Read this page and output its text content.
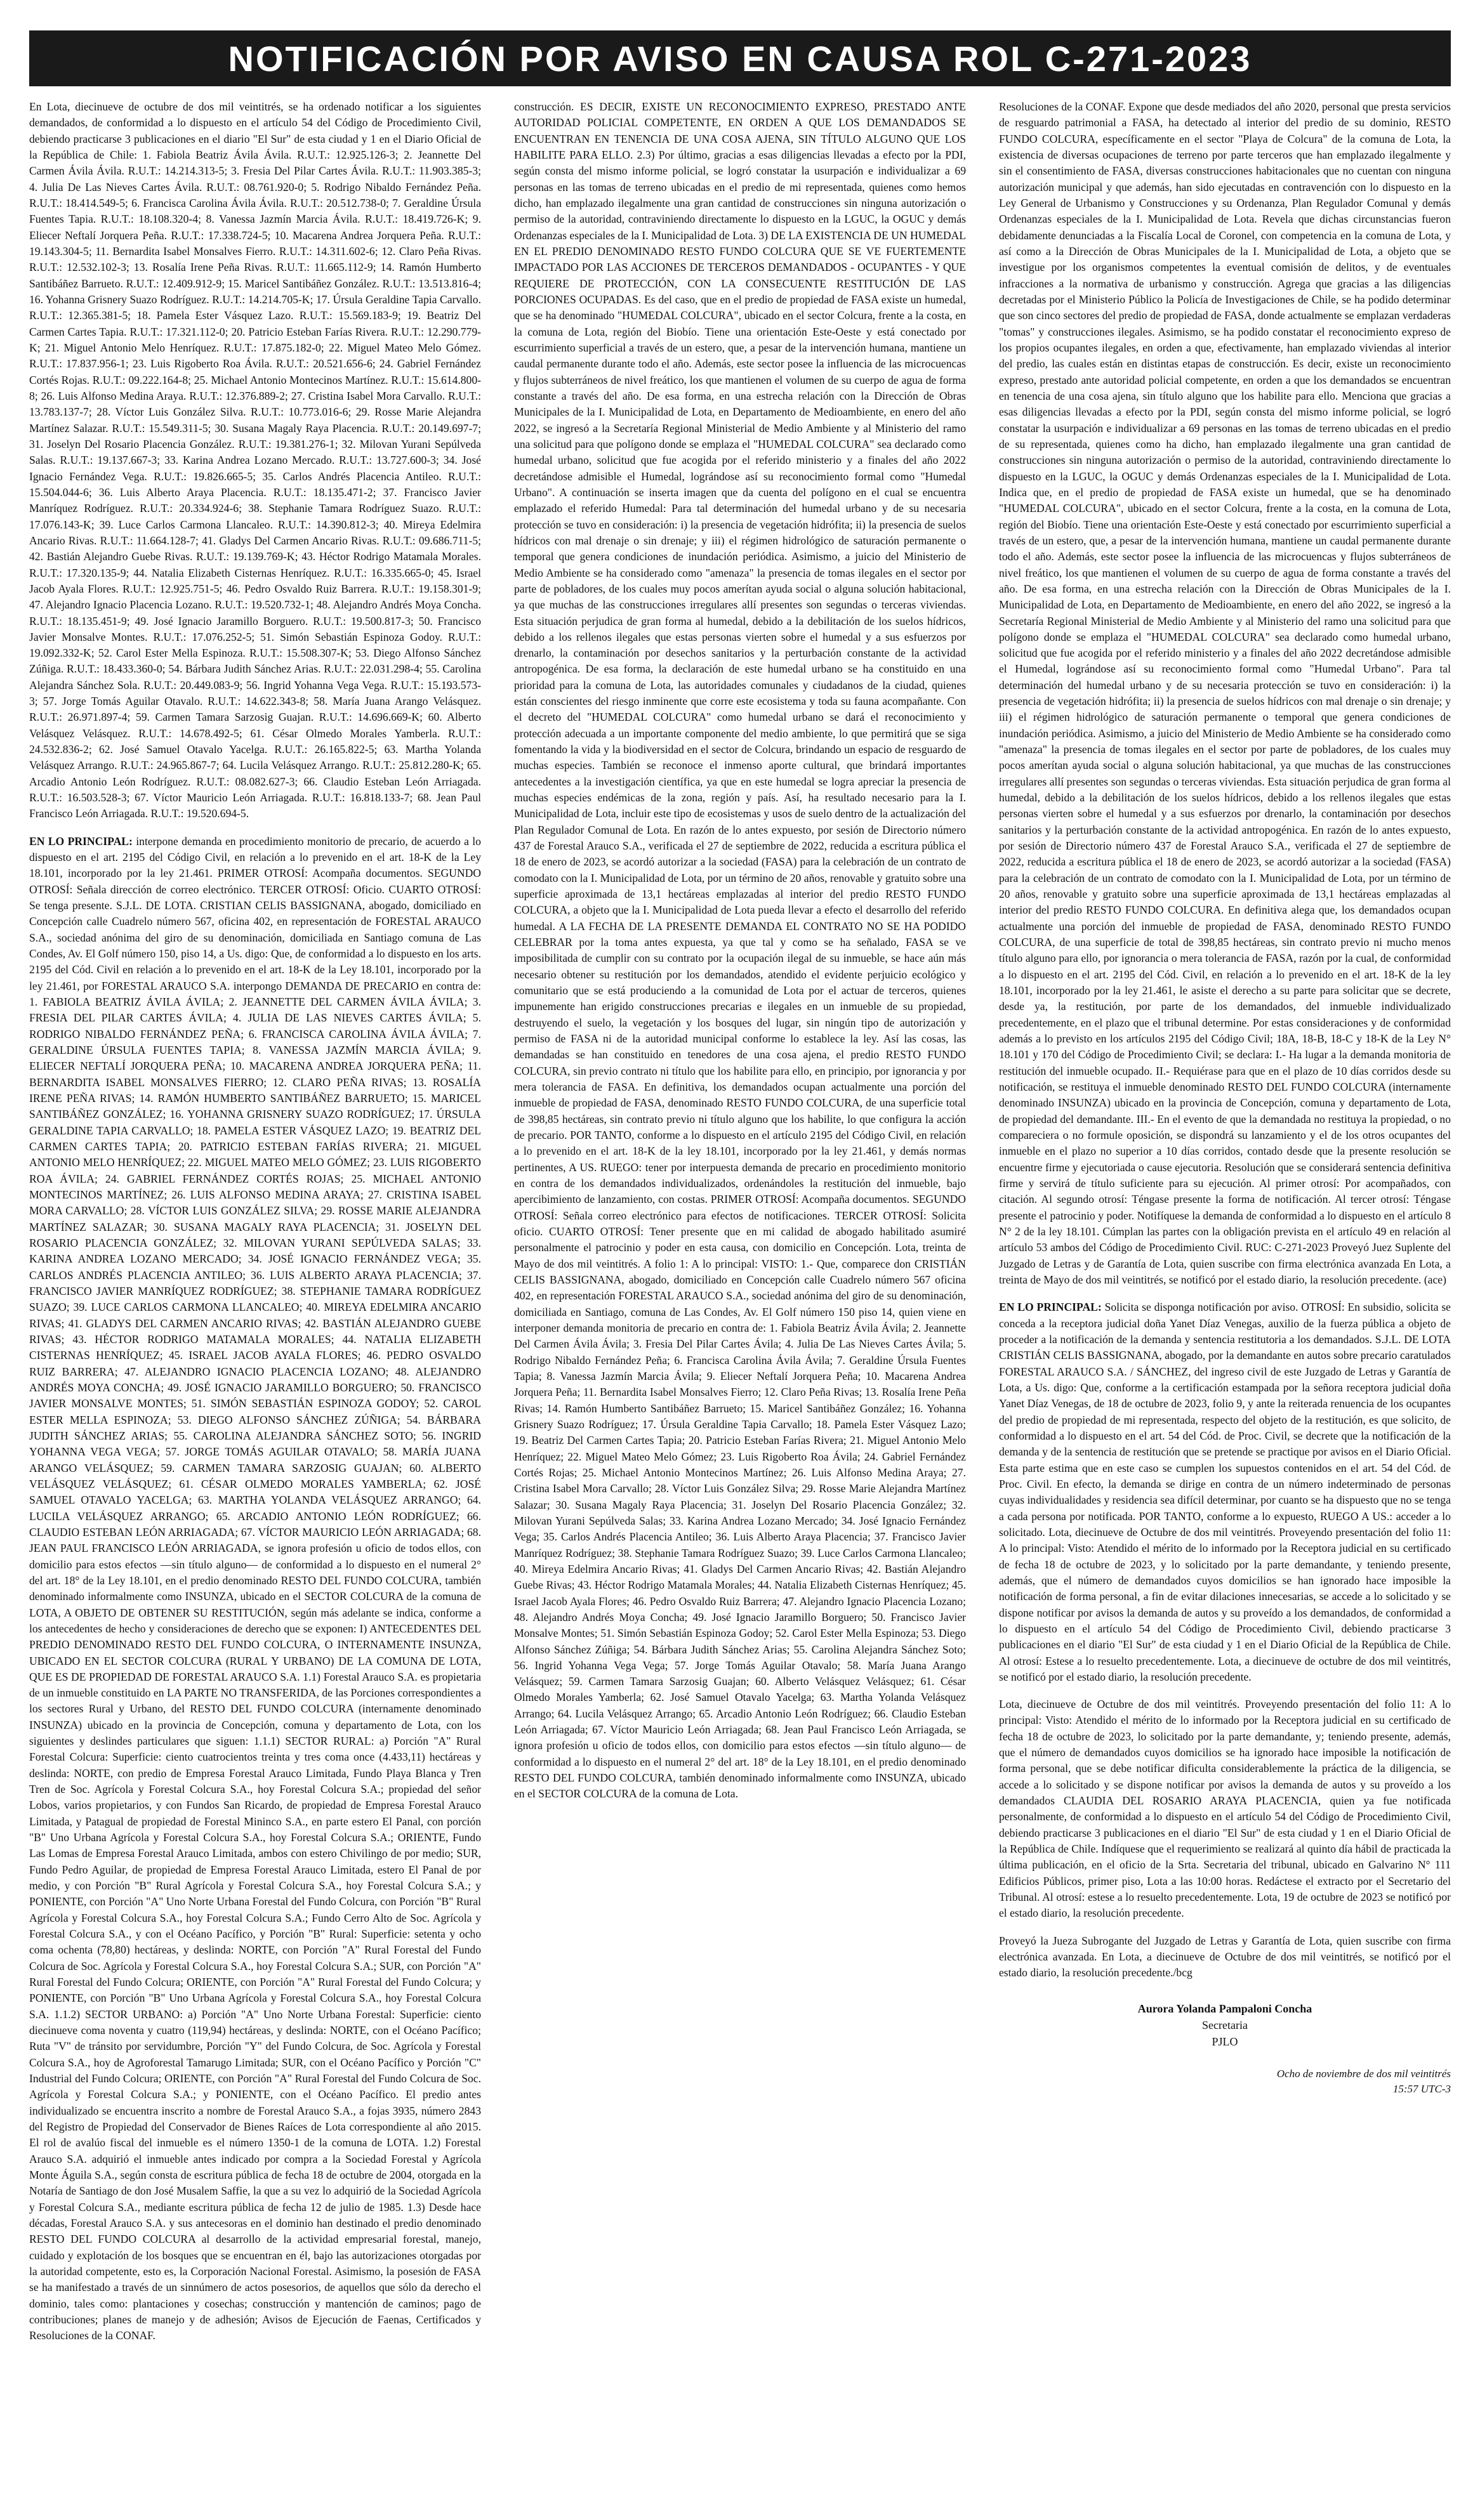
NOTIFICACIÓN POR AVISO EN CAUSA ROL C-271-2023

En Lota, diecinueve de octubre de dos mil veintitrés, se ha ordenado notificar a los siguientes demandados, de conformidad a lo dispuesto en el artículo 54 del Código de Procedimiento Civil, debiendo practicarse 3 publicaciones en el diario "El Sur" de esta ciudad y 1 en el Diario Oficial de la República de Chile: 1. Fabiola Beatriz Ávila Ávila. R.U.T.: 12.925.126-3; 2. Jeannette Del Carmen Ávila Ávila. R.U.T.: 14.214.313-5; 3. Fresia Del Pilar Cartes Ávila. R.U.T.: 11.903.385-3; 4. Julia De Las Nieves Cartes Ávila. R.U.T.: 08.761.920-0; 5. Rodrigo Nibaldo Fernández Peña. R.U.T.: 18.414.549-5; 6. Francisca Carolina Ávila Ávila. R.U.T.: 20.512.738-0; 7. Geraldine Úrsula Fuentes Tapia. R.U.T.: 18.108.320-4; 8. Vanessa Jazmín Marcia Ávila. R.U.T.: 18.419.726-K; 9. Eliecer Neftalí Jorquera Peña. R.U.T.: 17.338.724-5; 10. Macarena Andrea Jorquera Peña. R.U.T.: 19.143.304-5; 11. Bernardita Isabel Monsalves Fierro. R.U.T.: 14.311.602-6; 12. Claro Peña Rivas. R.U.T.: 12.532.102-3; 13. Rosalía Irene Peña Rivas. R.U.T.: 11.665.112-9; 14. Ramón Humberto Santibáñez Barrueto. R.U.T.: 12.409.912-9; 15. Maricel Santibáñez González. R.U.T.: 13.513.816-4; 16. Yohanna Grisnery Suazo Rodríguez. R.U.T.: 14.214.705-K; 17. Úrsula Geraldine Tapia Carvallo. R.U.T.: 12.365.381-5; 18. Pamela Ester Vásquez Lazo. R.U.T.: 15.569.183-9; 19. Beatriz Del Carmen Cartes Tapia. R.U.T.: 17.321.112-0; 20. Patricio Esteban Farías Rivera. R.U.T.: 12.290.779-K; 21. Miguel Antonio Melo Henríquez. R.U.T.: 17.875.182-0; 22. Miguel Mateo Melo Gómez. R.U.T.: 17.837.956-1; 23. Luis Rigoberto Roa Ávila. R.U.T.: 20.521.656-6; 24. Gabriel Fernández Cortés Rojas. R.U.T.: 09.222.164-8; 25. Michael Antonio Montecinos Martínez. R.U.T.: 15.614.800-8; 26. Luis Alfonso Medina Araya. R.U.T.: 12.376.889-2; 27. Cristina Isabel Mora Carvallo. R.U.T.: 13.783.137-7; 28. Víctor Luis González Silva. R.U.T.: 10.773.016-6; 29. Rosse Marie Alejandra Martínez Salazar. R.U.T.: 15.549.311-5; 30. Susana Magaly Raya Placencia. R.U.T.: 20.149.697-7; 31. Joselyn Del Rosario Placencia González. R.U.T.: 19.381.276-1; 32. Milovan Yurani Sepúlveda Salas. R.U.T.: 19.137.667-3; 33. Karina Andrea Lozano Mercado. R.U.T.: 13.727.600-3; 34. José Ignacio Fernández Vega. R.U.T.: 19.826.665-5; 35. Carlos Andrés Placencia Antileo. R.U.T.: 15.504.044-6; 36. Luis Alberto Araya Placencia. R.U.T.: 18.135.471-2; 37. Francisco Javier Manríquez Rodríguez. R.U.T.: 20.334.924-6; 38. Stephanie Tamara Rodríguez Suazo. R.U.T.: 17.076.143-K; 39. Luce Carlos Carmona Llancaleo. R.U.T.: 14.390.812-3; 40. Mireya Edelmira Ancario Rivas. R.U.T.: 11.664.128-7; 41. Gladys Del Carmen Ancario Rivas. R.U.T.: 09.686.711-5; 42. Bastián Alejandro Guebe Rivas. R.U.T.: 19.139.769-K; 43. Héctor Rodrigo Matamala Morales. R.U.T.: 17.320.135-9; 44. Natalia Elizabeth Cisternas Henríquez. R.U.T.: 16.335.665-0; 45. Israel Jacob Ayala Flores. R.U.T.: 12.925.751-5; 46. Pedro Osvaldo Ruiz Barrera. R.U.T.: 19.158.301-9; 47. Alejandro Ignacio Placencia Lozano. R.U.T.: 19.520.732-1; 48. Alejandro Andrés Moya Concha. R.U.T.: 18.135.451-9; 49. José Ignacio Jaramillo Borguero. R.U.T.: 19.500.817-3; 50. Francisco Javier Monsalve Montes. R.U.T.: 17.076.252-5; 51. Simón Sebastián Espinoza Godoy. R.U.T.: 19.092.332-K; 52. Carol Ester Mella Espinoza. R.U.T.: 15.508.307-K; 53. Diego Alfonso Sánchez Zúñiga. R.U.T.: 18.433.360-0; 54. Bárbara Judith Sánchez Arias. R.U.T.: 22.031.298-4; 55. Carolina Alejandra Sánchez Sola. R.U.T.: 20.449.083-9; 56. Ingrid Yohanna Vega Vega. R.U.T.: 15.193.573-3; 57. Jorge Tomás Aguilar Otavalo. R.U.T.: 14.622.343-8; 58. María Juana Arango Velásquez. R.U.T.: 26.971.897-4; 59. Carmen Tamara Sarzosig Guajan. R.U.T.: 14.696.669-K; 60. Alberto Velásquez Velásquez. R.U.T.: 14.678.492-5; 61. César Olmedo Morales Yamberla. R.U.T.: 24.532.836-2; 62. José Samuel Otavalo Yacelga. R.U.T.: 26.165.822-5; 63. Martha Yolanda Velásquez Arrango. R.U.T.: 24.965.867-7; 64. Lucila Velásquez Arrango. R.U.T.: 25.812.280-K; 65. Arcadio Antonio León Rodríguez. R.U.T.: 08.082.627-3; 66. Claudio Esteban León Arriagada. R.U.T.: 16.503.528-3; 67. Víctor Mauricio León Arriagada. R.U.T.: 16.818.133-7; 68. Jean Paul Francisco León Arriagada. R.U.T.: 19.520.694-5.

EN LO PRINCIPAL: interpone demanda en procedimiento monitorio de precario, de acuerdo a lo dispuesto en el art. 2195 del Código Civil, en relación a lo prevenido en el art. 18-K de la Ley 18.101, incorporado por la ley 21.461. PRIMER OTROSÍ: Acompaña documentos. SEGUNDO OTROSÍ: Señala dirección de correo electrónico. TERCER OTROSÍ: Oficio. CUARTO OTROSÍ: Se tenga presente. S.J.L. DE LOTA. CRISTIAN CELIS BASSIGNANA, abogado, domiciliado en Concepción calle Cuadrelo número 567, oficina 402, en representación de FORESTAL ARAUCO S.A., sociedad anónima del giro de su denominación, domiciliada en Santiago comuna de Las Condes, Av. El Golf número 150, piso 14, a Us. digo: Que, de conformidad a lo dispuesto en los arts. 2195 del Cód. Civil en relación a lo prevenido en el art. 18-K de la Ley 18.101, incorporado por la ley 21.461, por FORESTAL ARAUCO S.A. interpongo DEMANDA DE PRECARIO en contra de: 1. FABIOLA BEATRIZ ÁVILA ÁVILA; 2. JEANNETTE DEL CARMEN ÁVILA ÁVILA; 3. FRESIA DEL PILAR CARTES ÁVILA; 4. JULIA DE LAS NIEVES CARTES ÁVILA; 5. RODRIGO NIBALDO FERNÁNDEZ PEÑA; 6. FRANCISCA CAROLINA ÁVILA ÁVILA; 7. GERALDINE ÚRSULA FUENTES TAPIA; 8. VANESSA JAZMÍN MARCIA ÁVILA; 9. ELIECER NEFTALÍ JORQUERA PEÑA; 10. MACARENA ANDREA JORQUERA PEÑA; 11. BERNARDITA ISABEL MONSALVES FIERRO; 12. CLARO PEÑA RIVAS; 13. ROSALÍA IRENE PEÑA RIVAS; 14. RAMÓN HUMBERTO SANTIBÁÑEZ BARRUETO; 15. MARICEL SANTIBÁÑEZ GONZÁLEZ; 16. YOHANNA GRISNERY SUAZO RODRÍGUEZ; 17. ÚRSULA GERALDINE TAPIA CARVALLO; 18. PAMELA ESTER VÁSQUEZ LAZO; 19. BEATRIZ DEL CARMEN CARTES TAPIA; 20. PATRICIO ESTEBAN FARÍAS RIVERA; 21. MIGUEL ANTONIO MELO HENRÍQUEZ; 22. MIGUEL MATEO MELO GÓMEZ; 23. LUIS RIGOBERTO ROA ÁVILA; 24. GABRIEL FERNÁNDEZ CORTÉS ROJAS; 25. MICHAEL ANTONIO MONTECINOS MARTÍNEZ; 26. LUIS ALFONSO MEDINA ARAYA; 27. CRISTINA ISABEL MORA CARVALLO; 28. VÍCTOR LUIS GONZÁLEZ SILVA; 29. ROSSE MARIE ALEJANDRA MARTÍNEZ SALAZAR; 30. SUSANA MAGALY RAYA PLACENCIA; 31. JOSELYN DEL ROSARIO PLACENCIA GONZÁLEZ; 32. MILOVAN YURANI SEPÚLVEDA SALAS; 33. KARINA ANDREA LOZANO MERCADO; 34. JOSÉ IGNACIO FERNÁNDEZ VEGA; 35. CARLOS ANDRÉS PLACENCIA ANTILEO; 36. LUIS ALBERTO ARAYA PLACENCIA; 37. FRANCISCO JAVIER MANRÍQUEZ RODRÍGUEZ; 38. STEPHANIE TAMARA RODRÍGUEZ SUAZO; 39. LUCE CARLOS CARMONA LLANCALEO; 40. MIREYA EDELMIRA ANCARIO RIVAS; 41. GLADYS DEL CARMEN ANCARIO RIVAS; 42. BASTIÁN ALEJANDRO GUEBE RIVAS; 43. HÉCTOR RODRIGO MATAMALA MORALES; 44. NATALIA ELIZABETH CISTERNAS HENRÍQUEZ; 45. ISRAEL JACOB AYALA FLORES; 46. PEDRO OSVALDO RUIZ BARRERA; 47. ALEJANDRO IGNACIO PLACENCIA LOZANO; 48. ALEJANDRO ANDRÉS MOYA CONCHA; 49. JOSÉ IGNACIO JARAMILLO BORGUERO; 50. FRANCISCO JAVIER MONSALVE MONTES; 51. SIMÓN SEBASTIÁN ESPINOZA GODOY; 52. CAROL ESTER MELLA ESPINOZA; 53. DIEGO ALFONSO SÁNCHEZ ZÚÑIGA; 54. BÁRBARA JUDITH SÁNCHEZ ARIAS; 55. CAROLINA ALEJANDRA SÁNCHEZ SOTO; 56. INGRID YOHANNA VEGA VEGA; 57. JORGE TOMÁS AGUILAR OTAVALO; 58. MARÍA JUANA ARANGO VELÁSQUEZ; 59. CARMEN TAMARA SARZOSIG GUAJAN; 60. ALBERTO VELÁSQUEZ VELÁSQUEZ; 61. CÉSAR OLMEDO MORALES YAMBERLA; 62. JOSÉ SAMUEL OTAVALO YACELGA; 63. MARTHA YOLANDA VELÁSQUEZ ARRANGO; 64. LUCILA VELÁSQUEZ ARRANGO; 65. ARCADIO ANTONIO LEÓN RODRÍGUEZ; 66. CLAUDIO ESTEBAN LEÓN ARRIAGADA; 67. VÍCTOR MAURICIO LEÓN ARRIAGADA; 68. JEAN PAUL FRANCISCO LEÓN ARRIAGADA, se ignora profesión u oficio de todos ellos, con domicilio para estos efectos —sin título alguno— de conformidad a lo dispuesto en el numeral 2° del art. 18° de la Ley 18.101, en el predio denominado RESTO DEL FUNDO COLCURA, también denominado informalmente como INSUNZA, ubicado en el SECTOR COLCURA de la comuna de LOTA, A OBJETO DE OBTENER SU RESTITUCIÓN, según más adelante se indica, conforme a los antecedentes de hecho y consideraciones de derecho que se exponen: I) ANTECEDENTES DEL PREDIO DENOMINADO RESTO DEL FUNDO COLCURA, O INTERNAMENTE INSUNZA, UBICADO EN EL SECTOR COLCURA (RURAL Y URBANO) DE LA COMUNA DE LOTA, QUE ES DE PROPIEDAD DE FORESTAL ARAUCO S.A. 1.1) Forestal Arauco S.A. es propietaria de un inmueble constituido en LA PARTE NO TRANSFERIDA, de las Porciones correspondientes a los sectores Rural y Urbano, del RESTO DEL FUNDO COLCURA (internamente denominado INSUNZA) ubicado en la provincia de Concepción, comuna y departamento de Lota, con los siguientes y deslindes particulares que siguen: 1.1.1) SECTOR RURAL: a) Porción "A" Rural Forestal Colcura: Superficie: ciento cuatrocientos treinta y tres coma once (4.433,11) hectáreas y deslinda: NORTE, con predio de Empresa Forestal Arauco Limitada, Fundo Playa Blanca y Tren Tren de Soc. Agrícola y Forestal Colcura S.A., hoy Forestal Colcura S.A.; propiedad del señor Lobos, varios propietarios, y con Fundos San Ricardo, de propiedad de Empresa Forestal Arauco Limitada, y Patagual de propiedad de Forestal Mininco S.A., en parte estero El Panal, con porción "B" Uno Urbana Agrícola y Forestal Colcura S.A., hoy Forestal Colcura S.A.; ORIENTE, Fundo Las Lomas de Empresa Forestal Arauco Limitada, ambos con estero Chivilingo de por medio; SUR, Fundo Pedro Aguilar, de propiedad de Empresa Forestal Arauco Limitada, estero El Panal de por medio, y con Porción "B" Rural Agrícola y Forestal Colcura S.A., hoy Forestal Colcura S.A.; y PONIENTE, con Porción "A" Uno Norte Urbana Forestal del Fundo Colcura, con Porción "B" Rural Agrícola y Forestal Colcura S.A., hoy Forestal Colcura S.A.; Fundo Cerro Alto de Soc. Agrícola y Forestal Colcura S.A., y con el Océano Pacífico, y Porción "B" Rural: Superficie: setenta y ocho coma ochenta (78,80) hectáreas, y deslinda: NORTE, con Porción "A" Rural Forestal del Fundo Colcura de Soc. Agrícola y Forestal Colcura S.A., hoy Forestal Colcura S.A.; SUR, con Porción "A" Rural Forestal del Fundo Colcura; ORIENTE, con Porción "A" Rural Forestal del Fundo Colcura; y PONIENTE, con Porción "B" Uno Urbana Agrícola y Forestal Colcura S.A., hoy Forestal Colcura S.A. 1.1.2) SECTOR URBANO: a) Porción "A" Uno Norte Urbana Forestal: Superficie: ciento diecinueve coma noventa y cuatro (119,94) hectáreas, y deslinda: NORTE, con el Océano Pacífico; Ruta "V" de tránsito por servidumbre, Porción "Y" del Fundo Colcura, de Soc. Agrícola y Forestal Colcura S.A., hoy de Agroforestal Tamarugo Limitada; SUR, con el Océano Pacífico y Porción "C" Industrial del Fundo Colcura; ORIENTE, con Porción "A" Rural Forestal del Fundo Colcura de Soc. Agrícola y Forestal Colcura S.A.; y PONIENTE, con el Océano Pacífico. El predio antes individualizado se encuentra inscrito a nombre de Forestal Arauco S.A., a fojas 3935, número 2843 del Registro de Propiedad del Conservador de Bienes Raíces de Lota correspondiente al año 2015. El rol de avalúo fiscal del inmueble es el número 1350-1 de la comuna de LOTA. 1.2) Forestal Arauco S.A. adquirió el inmueble antes indicado por compra a la Sociedad Forestal y Agrícola Monte Águila S.A., según consta de escritura pública de fecha 18 de octubre de 2004, otorgada en la Notaría de Santiago de don José Musalem Saffie, la que a su vez lo adquirió de la Sociedad Agrícola y Forestal Colcura S.A., mediante escritura pública de fecha 12 de julio de 1985. 1.3) Desde hace décadas, Forestal Arauco S.A. y sus antecesoras en el dominio han destinado el predio denominado RESTO DEL FUNDO COLCURA al desarrollo de la actividad empresarial forestal, manejo, cuidado y explotación de los bosques que se encuentran en él, bajo las autorizaciones otorgadas por la autoridad competente, esto es, la Corporación Nacional Forestal. Asimismo, la posesión de FASA se ha manifestado a través de un sinnúmero de actos posesorios, de aquellos que sólo da derecho el dominio, tales como: plantaciones y cosechas; construcción y mantención de caminos; pago de contribuciones; planes de manejo y de adhesión; Avisos de Ejecución de Faenas, Certificados y Resoluciones de la CONAF.

construcción. ES DECIR, EXISTE UN RECONOCIMIENTO EXPRESO, PRESTADO ANTE AUTORIDAD POLICIAL COMPETENTE, EN ORDEN A QUE LOS DEMANDADOS SE ENCUENTRAN EN TENENCIA DE UNA COSA AJENA, SIN TÍTULO ALGUNO QUE LOS HABILITE PARA ELLO. 2.3) Por último, gracias a esas diligencias llevadas a efecto por la PDI, según consta del mismo informe policial, se logró constatar la usurpación e individualizar a 69 personas en las tomas de terreno ubicadas en el predio de mi representada, quienes como hemos dicho, han emplazado ilegalmente una gran cantidad de construcciones sin ninguna autorización o permiso de la autoridad, contraviniendo directamente lo dispuesto en la LGUC, la OGUC y demás Ordenanzas especiales de la I. Municipalidad de Lota. 3) DE LA EXISTENCIA DE UN HUMEDAL EN EL PREDIO DENOMINADO RESTO FUNDO COLCURA QUE SE VE FUERTEMENTE IMPACTADO POR LAS ACCIONES DE TERCEROS DEMANDADOS - OCUPANTES - Y QUE REQUIERE DE PROTECCIÓN, CON LA CONSECUENTE RESTITUCIÓN DE LAS PORCIONES OCUPADAS. Es del caso, que en el predio de propiedad de FASA existe un humedal, que se ha denominado "HUMEDAL COLCURA", ubicado en el sector Colcura, frente a la costa, en la comuna de Lota, región del Biobío. Tiene una orientación Este-Oeste y está conectado por escurrimiento superficial a través de un estero, que, a pesar de la intervención humana, mantiene un caudal permanente durante todo el año. Además, este sector posee la influencia de las microcuencas y flujos subterráneos de nivel freático, los que mantienen el volumen de su cuerpo de agua de forma constante a través del año. De esa forma, en una estrecha relación con la Dirección de Obras Municipales de la I. Municipalidad de Lota, en Departamento de Medioambiente, en enero del año 2022, se ingresó a la Secretaría Regional Ministerial de Medio Ambiente y al Ministerio del ramo una solicitud para que polígono donde se emplaza el "HUMEDAL COLCURA" sea declarado como humedal urbano, solicitud que fue acogida por el referido ministerio y a finales del año 2022 decretándose admisible el Humedal, lográndose así su reconocimiento formal como "Humedal Urbano". A continuación se inserta imagen que da cuenta del polígono en el cual se encuentra emplazado el referido Humedal: Para tal determinación del humedal urbano y de su necesaria protección se tuvo en consideración: i) la presencia de vegetación hidrófita; ii) la presencia de suelos hídricos con mal drenaje o sin drenaje; y iii) el régimen hidrológico de saturación permanente o temporal que genera condiciones de inundación periódica. Asimismo, a juicio del Ministerio de Medio Ambiente se ha considerado como "amenaza" la presencia de tomas ilegales en el sector por parte de pobladores, de los cuales muy pocos amerítan ayuda social o alguna solución habitacional, ya que muchas de las construcciones irregulares allí presentes son segundas o terceras viviendas. Esta situación perjudica de gran forma al humedal, debido a la debilitación de los suelos hídricos, debido a los rellenos ilegales que estas personas vierten sobre el humedal y a sus esfuerzos por drenarlo, la contaminación por desechos sanitarios y la perturbación constante de la actividad antropogénica. De esa forma, la declaración de este humedal urbano se ha constituido en una prioridad para la comuna de Lota, las autoridades comunales y ciudadanos de la ciudad, quienes están conscientes del riesgo inminente que corre este ecosistema y toda su fauna acompañante. Con el decreto del "HUMEDAL COLCURA" como humedal urbano se dará el reconocimiento y protección adecuada a un importante componente del medio ambiente, lo que permitirá que se siga fomentando la vida y la biodiversidad en el sector de Colcura, brindando un espacio de resguardo de muchas especies. También se reconoce el inmenso aporte cultural, que brindará importantes antecedentes a la investigación científica, ya que en este humedal se logra apreciar la presencia de muchas especies endémicas de la zona, región y país. Así, ha resultado necesario para la I. Municipalidad de Lota, incluir este tipo de ecosistemas y usos de suelo dentro de la actualización del Plan Regulador Comunal de Lota. En razón de lo antes expuesto, por sesión de Directorio número 437 de Forestal Arauco S.A., verificada el 27 de septiembre de 2022, reducida a escritura pública el 18 de enero de 2023, se acordó autorizar a la sociedad (FASA) para la celebración de un contrato de comodato con la I. Municipalidad de Lota, por un término de 20 años, renovable y gratuito sobre una superficie aproximada de 13,1 hectáreas emplazadas al interior del predio RESTO FUNDO COLCURA, a objeto que la I. Municipalidad de Lota pueda llevar a efecto el desarrollo del referido humedal. A LA FECHA DE LA PRESENTE DEMANDA EL CONTRATO NO SE HA PODIDO CELEBRAR por la toma antes expuesta, ya que tal y como se ha señalado, FASA se ve imposibilitada de cumplir con su contrato por la ocupación ilegal de su inmueble, se hace aún más necesario obtener su restitución por los demandados, atendido el evidente perjuicio ecológico y comunitario que se está produciendo a la comunidad de Lota por el actuar de terceros, quienes impunemente han erigido construcciones precarias e ilegales en un inmueble de su propiedad, destruyendo el suelo, la vegetación y los bosques del lugar, sin ningún tipo de autorización y permiso de FASA ni de la autoridad municipal conforme lo establece la ley. Así las cosas, las demandadas se han constituido en tenedores de una cosa ajena, el predio RESTO FUNDO COLCURA, sin previo contrato ni título que los habilite para ello, en principio, por ignorancia y por mera tolerancia de FASA. En definitiva, los demandados ocupan actualmente una porción del inmueble de propiedad de FASA, denominado RESTO FUNDO COLCURA, de una superficie total de 398,85 hectáreas, sin contrato previo ni título alguno que los habilite, lo que configura la acción de precario. POR TANTO, conforme a lo dispuesto en el artículo 2195 del Código Civil, en relación a lo prevenido en el art. 18-K de la ley 18.101, incorporado por la ley 21.461, y demás normas pertinentes, A US. RUEGO: tener por interpuesta demanda de precario en procedimiento monitorio en contra de los demandados individualizados, ordenándoles la restitución del inmueble, bajo apercibimiento de lanzamiento, con costas. PRIMER OTROSÍ: Acompaña documentos. SEGUNDO OTROSÍ: Señala correo electrónico para efectos de notificaciones. TERCER OTROSÍ: Solicita oficio. CUARTO OTROSÍ: Tener presente que en mi calidad de abogado habilitado asumiré personalmente el patrocinio y poder en esta causa, con domicilio en Concepción. Lota, treinta de Mayo de dos mil veintitrés. A folio 1: A lo principal: VISTO: 1.- Que, comparece don CRISTIÁN CELIS BASSIGNANA, abogado, domiciliado en Concepción calle Cuadrelo número 567 oficina 402, en representación FORESTAL ARAUCO S.A., sociedad anónima del giro de su denominación, domiciliada en Santiago, comuna de Las Condes, Av. El Golf número 150 piso 14, quien viene en interponer demanda monitoria de precario en contra de: 1. Fabiola Beatriz Ávila Ávila; 2. Jeannette Del Carmen Ávila Ávila; 3. Fresia Del Pilar Cartes Ávila; 4. Julia De Las Nieves Cartes Ávila; 5. Rodrigo Nibaldo Fernández Peña; 6. Francisca Carolina Ávila Ávila; 7. Geraldine Úrsula Fuentes Tapia; 8. Vanessa Jazmín Marcia Ávila; 9. Eliecer Neftalí Jorquera Peña; 10. Macarena Andrea Jorquera Peña; 11. Bernardita Isabel Monsalves Fierro; 12. Claro Peña Rivas; 13. Rosalía Irene Peña Rivas; 14. Ramón Humberto Santibáñez Barrueto; 15. Maricel Santibáñez González; 16. Yohanna Grisnery Suazo Rodríguez; 17. Úrsula Geraldine Tapia Carvallo; 18. Pamela Ester Vásquez Lazo; 19. Beatriz Del Carmen Cartes Tapia; 20. Patricio Esteban Farías Rivera; 21. Miguel Antonio Melo Henríquez; 22. Miguel Mateo Melo Gómez; 23. Luis Rigoberto Roa Ávila; 24. Gabriel Fernández Cortés Rojas; 25. Michael Antonio Montecinos Martínez; 26. Luis Alfonso Medina Araya; 27. Cristina Isabel Mora Carvallo; 28. Víctor Luis González Silva; 29. Rosse Marie Alejandra Martínez Salazar; 30. Susana Magaly Raya Placencia; 31. Joselyn Del Rosario Placencia González; 32. Milovan Yurani Sepúlveda Salas; 33. Karina Andrea Lozano Mercado; 34. José Ignacio Fernández Vega; 35. Carlos Andrés Placencia Antileo; 36. Luis Alberto Araya Placencia; 37. Francisco Javier Manríquez Rodríguez; 38. Stephanie Tamara Rodríguez Suazo; 39. Luce Carlos Carmona Llancaleo; 40. Mireya Edelmira Ancario Rivas; 41. Gladys Del Carmen Ancario Rivas; 42. Bastián Alejandro Guebe Rivas; 43. Héctor Rodrigo Matamala Morales; 44. Natalia Elizabeth Cisternas Henríquez; 45. Israel Jacob Ayala Flores; 46. Pedro Osvaldo Ruiz Barrera; 47. Alejandro Ignacio Placencia Lozano; 48. Alejandro Andrés Moya Concha; 49. José Ignacio Jaramillo Borguero; 50. Francisco Javier Monsalve Montes; 51. Simón Sebastián Espinoza Godoy; 52. Carol Ester Mella Espinoza; 53. Diego Alfonso Sánchez Zúñiga; 54. Bárbara Judith Sánchez Arias; 55. Carolina Alejandra Sánchez Soto; 56. Ingrid Yohanna Vega Vega; 57. Jorge Tomás Aguilar Otavalo; 58. María Juana Arango Velásquez; 59. Carmen Tamara Sarzosig Guajan; 60. Alberto Velásquez Velásquez; 61. César Olmedo Morales Yamberla; 62. José Samuel Otavalo Yacelga; 63. Martha Yolanda Velásquez Arrango; 64. Lucila Velásquez Arrango; 65. Arcadio Antonio León Rodríguez; 66. Claudio Esteban León Arriagada; 67. Víctor Mauricio León Arriagada; 68. Jean Paul Francisco León Arriagada, se ignora profesión u oficio de todos ellos, con domicilio para estos efectos —sin título alguno— de conformidad a lo dispuesto en el numeral 2° del art. 18° de la Ley 18.101, en el predio denominado RESTO DEL FUNDO COLCURA, también denominado informalmente como INSUNZA, ubicado en el SECTOR COLCURA de la comuna de Lota.

Resoluciones de la CONAF. Expone que desde mediados del año 2020, personal que presta servicios de resguardo patrimonial a FASA, ha detectado al interior del predio de su dominio, RESTO FUNDO COLCURA, específicamente en el sector "Playa de Colcura" de la comuna de Lota, la existencia de diversas ocupaciones de terreno por parte terceros que han emplazado ilegalmente y sin el consentimiento de FASA, diversas construcciones habitacionales que no cuentan con ninguna autorización municipal y que además, han sido ejecutadas en contravención con lo dispuesto en la Ley General de Urbanismo y Construcciones y su Ordenanza, Plan Regulador Comunal y demás Ordenanzas especiales de la I. Municipalidad de Lota. Revela que dichas circunstancias fueron debidamente denunciadas a la Fiscalía Local de Coronel, con competencia en la comuna de Lota, y así como a la Dirección de Obras Municipales de la I. Municipalidad de Lota, a objeto que se investigue por los organismos competentes la eventual comisión de delitos, y de eventuales infracciones a la normativa de urbanismo y construcción. Agrega que gracias a las diligencias decretadas por el Ministerio Público la Policía de Investigaciones de Chile, se ha podido determinar que son cinco sectores del predio de propiedad de FASA, donde actualmente se emplazan verdaderas "tomas" y construcciones ilegales. Asimismo, se ha podido constatar el reconocimiento expreso de los propios ocupantes ilegales, en orden a que, efectivamente, han emplazado viviendas al interior del predio, las cuales están en distintas etapas de construcción. Es decir, existe un reconocimiento expreso, prestado ante autoridad policial competente, en orden a que los demandados se encuentran en tenencia de una cosa ajena, sin título alguno que los habilite para ello. Menciona que gracias a esas diligencias llevadas a efecto por la PDI, según consta del mismo informe policial, se logró constatar la usurpación e individualizar a 69 personas en las tomas de terreno ubicadas en el predio de su representada, quienes como ha dicho, han emplazado ilegalmente una gran cantidad de construcciones sin ninguna autorización o permiso de la autoridad, contraviniendo directamente lo dispuesto en la LGUC, la OGUC y demás Ordenanzas especiales de la I. Municipalidad de Lota. Indica que, en el predio de propiedad de FASA existe un humedal, que se ha denominado "HUMEDAL COLCURA", ubicado en el sector Colcura, frente a la costa, en la comuna de Lota, región del Biobío. Tiene una orientación Este-Oeste y está conectado por escurrimiento superficial a través de un estero, que, a pesar de la intervención humana, mantiene un caudal permanente durante todo el año. Además, este sector posee la influencia de las microcuencas y flujos subterráneos de nivel freático, los que mantienen el volumen de su cuerpo de agua de forma constante a través del año. De esa forma, en una estrecha relación con la Dirección de Obras Municipales de la I. Municipalidad de Lota, en Departamento de Medioambiente, en enero del año 2022, se ingresó a la Secretaría Regional Ministerial de Medio Ambiente y al Ministerio del ramo una solicitud para que polígono donde se emplaza el "HUMEDAL COLCURA" sea declarado como humedal urbano, solicitud que fue acogida por el referido ministerio y a finales del año 2022 decretándose admisible el Humedal, lográndose así su reconocimiento formal como "Humedal Urbano". Para tal determinación del humedal urbano y de su necesaria protección se tuvo en consideración: i) la presencia de vegetación hidrófita; ii) la presencia de suelos hídricos con mal drenaje o sin drenaje; y iii) el régimen hidrológico de saturación permanente o temporal que genera condiciones de inundación periódica. Asimismo, a juicio del Ministerio de Medio Ambiente se ha considerado como "amenaza" la presencia de tomas ilegales en el sector por parte de pobladores, de los cuales muy pocos amerítan ayuda social o alguna solución habitacional, ya que muchas de las construcciones irregulares allí presentes son segundas o terceras viviendas. Esta situación perjudica de gran forma al humedal, debido a la debilitación de los suelos hídricos, debido a los rellenos ilegales que estas personas vierten sobre el humedal y a sus esfuerzos por drenarlo, la contaminación por desechos sanitarios y la perturbación constante de la actividad antropogénica. En razón de lo antes expuesto, por sesión de Directorio número 437 de Forestal Arauco S.A., verificada el 27 de septiembre de 2022, reducida a escritura pública el 18 de enero de 2023, se acordó autorizar a la sociedad (FASA) para la celebración de un contrato de comodato con la I. Municipalidad de Lota, por un término de 20 años, renovable y gratuito sobre una superficie aproximada de 13,1 hectáreas emplazadas al interior del predio RESTO FUNDO COLCURA. En definitiva alega que, los demandados ocupan actualmente una porción del inmueble de propiedad de FASA, denominado RESTO FUNDO COLCURA, de una superficie de total de 398,85 hectáreas, sin contrato previo ni mucho menos título alguno para ello, por ignorancia o mera tolerancia de FASA, razón por la cual, de conformidad a lo dispuesto en el art. 2195 del Cód. Civil, en relación a lo prevenido en el art. 18-K de la ley 18.101, incorporado por la ley 21.461, le asiste el derecho a su parte para solicitar que se decrete, desde ya, la restitución, por parte de los demandados, del inmueble individualizado precedentemente, en el plazo que el tribunal determine. Por estas consideraciones y de conformidad además a lo previsto en los artículos 2195 del Código Civil; 18A, 18-B, 18-C y 18-K de la Ley N° 18.101 y 170 del Código de Procedimiento Civil; se declara: I.- Ha lugar a la demanda monitoria de restitución del inmueble ocupado. II.- Requiérase para que en el plazo de 10 días corridos desde su notificación, se restituya el inmueble denominado RESTO DEL FUNDO COLCURA (internamente denominado INSUNZA) ubicado en la provincia de Concepción, comuna y departamento de Lota, de propiedad del demandante. III.- En el evento de que la demandada no restituya la propiedad, o no compareciera o no formule oposición, se dispondrá su lanzamiento y el de los otros ocupantes del inmueble en el plazo no superior a 10 días corridos, contado desde que la presente resolución se encuentre firme y ejecutoriada o cause ejecutoria. Resolución que se considerará sentencia definitiva firme y servirá de título suficiente para su ejecución. Al primer otrosí: Por acompañados, con citación. Al segundo otrosí: Téngase presente la forma de notificación. Al tercer otrosí: Téngase presente el patrocinio y poder. Notifíquese la demanda de conformidad a lo dispuesto en el artículo 8 N° 2 de la ley 18.101. Cúmplan las partes con la obligación prevista en el artículo 49 en relación al artículo 53 ambos del Código de Procedimiento Civil. RUC: C-271-2023 Proveyó Juez Suplente del Juzgado de Letras y de Garantía de Lota, quien suscribe con firma electrónica avanzada En Lota, a treinta de Mayo de dos mil veintitrés, se notificó por el estado diario, la resolución precedente. (ace)

EN LO PRINCIPAL: Solicita se disponga notificación por aviso. OTROSÍ: En subsidio, solicita se conceda a la receptora judicial doña Yanet Díaz Venegas, auxilio de la fuerza pública a objeto de proceder a la notificación de la demanda y sentencia restitutoria a los demandados. S.J.L. DE LOTA CRISTIÁN CELIS BASSIGNANA, abogado, por la demandante en autos sobre precario caratulados FORESTAL ARAUCO S.A. / SÁNCHEZ, del ingreso civil de este Juzgado de Letras y Garantía de Lota, a Us. digo: Que, conforme a la certificación estampada por la señora receptora judicial doña Yanet Díaz Venegas, de 18 de octubre de 2023, folio 9, y ante la reiterada renuencia de los ocupantes del predio de propiedad de mi representada, respecto del objeto de la restitución, es que solicito, de conformidad a lo dispuesto en el art. 54 del Cód. de Proc. Civil, se decrete que la notificación de la demanda y de la sentencia de restitución que se pretende se practique por avisos en el Diario Oficial. Esta parte estima que en este caso se cumplen los supuestos contenidos en el art. 54 del Cód. de Proc. Civil. En efecto, la demanda se dirige en contra de un número indeterminado de personas cuyas individualidades y residencia sea difícil determinar, por cuanto se ha dispuesto que no se tenga a cada persona por notificada. POR TANTO, conforme a lo expuesto, RUEGO A US.: acceder a lo solicitado. Lota, diecinueve de Octubre de dos mil veintitrés. Proveyendo presentación del folio 11: A lo principal: Visto: Atendido el mérito de lo informado por la Receptora judicial en su certificado de fecha 18 de octubre de 2023, y lo solicitado por la parte demandante, y teniendo presente, además, que el número de demandados cuyos domicilios se han ignorado hace imposible la notificación de forma personal, a fin de evitar dilaciones innecesarias, se accede a lo solicitado y se dispone notificar por avisos la demanda de autos y su proveído a los demandados, de conformidad a lo dispuesto en el artículo 54 del Código de Procedimiento Civil, debiendo practicarse 3 publicaciones en el diario "El Sur" de esta ciudad y 1 en el Diario Oficial de la República de Chile. Al otrosí: Estese a lo resuelto precedentemente. Lota, a diecinueve de octubre de dos mil veintitrés, se notificó por el estado diario, la resolución precedente.

Lota, diecinueve de Octubre de dos mil veintitrés. Proveyendo presentación del folio 11: A lo principal: Visto: Atendido el mérito de lo informado por la Receptora judicial en su certificado de fecha 18 de octubre de 2023, lo solicitado por la parte demandante, y; teniendo presente, además, que el número de demandados cuyos domicilios se ha ignorado hace imposible la notificación de forma personal, que se debe notificar dificulta considerablemente la práctica de la diligencia, se accede a lo solicitado y se dispone notificar por avisos la demanda de autos y su proveído a los demandados CLAUDIA DEL ROSARIO ARAYA PLACENCIA, quien ya fue notificada personalmente, de conformidad a lo dispuesto en el artículo 54 del Código de Procedimiento Civil, debiendo practicarse 3 publicaciones en el diario "El Sur" de esta ciudad y 1 en el Diario Oficial de la República de Chile. Indíquese que el requerimiento se realizará al quinto día hábil de practicada la última publicación, en el oficio de la Srta. Secretaria del tribunal, ubicado en Galvarino N° 111 Edificios Públicos, primer piso, Lota a las 10:00 horas. Redáctese el extracto por el Secretario del Tribunal. Al otrosí: estese a lo resuelto precedentemente. Lota, 19 de octubre de 2023 se notificó por el estado diario, la resolución precedente.

Proveyó la Jueza Subrogante del Juzgado de Letras y Garantía de Lota, quien suscribe con firma electrónica avanzada. En Lota, a diecinueve de Octubre de dos mil veintitrés, se notificó por el estado diario, la resolución precedente./bcg

Aurora Yolanda Pampaloni Concha
Secretaria
PJLO
Ocho de noviembre de dos mil veintitrés
15:57 UTC-3
